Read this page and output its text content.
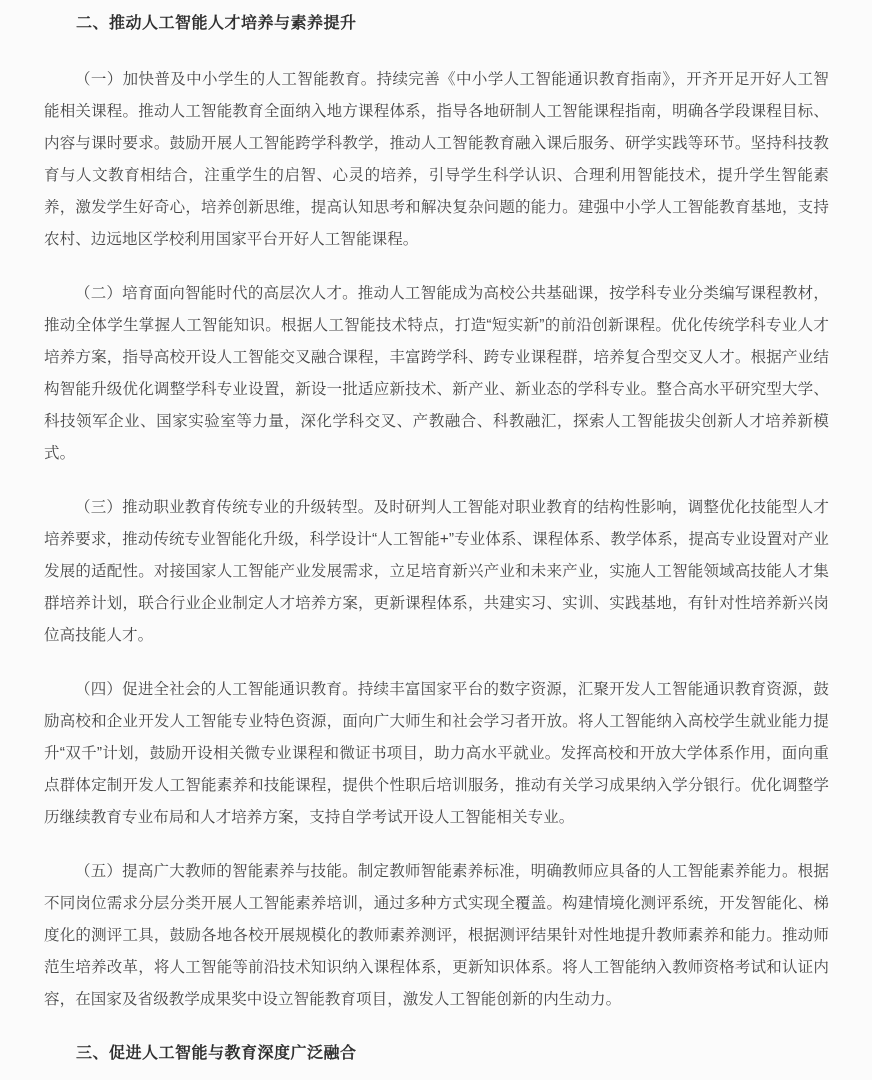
二、推动人工智能人才培养与素养提升

（一）加快普及中小学生的人工智能教育。持续完善《中小学人工智能通识教育指南》，开齐开足开好人工智能相关课程。推动人工智能教育全面纳入地方课程体系，指导各地研制人工智能课程指南，明确各学段课程目标、内容与课时要求。鼓励开展人工智能跨学科教学，推动人工智能教育融入课后服务、研学实践等环节。坚持科技教育与人文教育相结合，注重学生的启智、心灵的培养，引导学生科学认识、合理利用智能技术，提升学生智能素养，激发学生好奇心，培养创新思维，提高认知思考和解决复杂问题的能力。建强中小学人工智能教育基地，支持农村、边远地区学校利用国家平台开好人工智能课程。

（二）培育面向智能时代的高层次人才。推动人工智能成为高校公共基础课，按学科专业分类编写课程教材，推动全体学生掌握人工智能知识。根据人工智能技术特点，打造“短实新”的前沿创新课程。优化传统学科专业人才培养方案，指导高校开设人工智能交叉融合课程，丰富跨学科、跨专业课程群，培养复合型交叉人才。根据产业结构智能升级优化调整学科专业设置，新设一批适应新技术、新产业、新业态的学科专业。整合高水平研究型大学、科技领军企业、国家实验室等力量，深化学科交叉、产教融合、科教融汇，探索人工智能拔尖创新人才培养新模式。

（三）推动职业教育传统专业的升级转型。及时研判人工智能对职业教育的结构性影响，调整优化技能型人才培养要求，推动传统专业智能化升级，科学设计“人工智能+”专业体系、课程体系、教学体系，提高专业设置对产业发展的适配性。对接国家人工智能产业发展需求，立足培育新兴产业和未来产业，实施人工智能领域高技能人才集群培养计划，联合行业企业制定人才培养方案，更新课程体系，共建实习、实训、实践基地，有针对性培养新兴岗位高技能人才。

（四）促进全社会的人工智能通识教育。持续丰富国家平台的数字资源，汇聚开发人工智能通识教育资源，鼓励高校和企业开发人工智能专业特色资源，面向广大师生和社会学习者开放。将人工智能纳入高校学生就业能力提升“双千”计划，鼓励开设相关微专业课程和微证书项目，助力高水平就业。发挥高校和开放大学体系作用，面向重点群体定制开发人工智能素养和技能课程，提供个性职后培训服务，推动有关学习成果纳入学分银行。优化调整学历继续教育专业布局和人才培养方案，支持自学考试开设人工智能相关专业。

（五）提高广大教师的智能素养与技能。制定教师智能素养标准，明确教师应具备的人工智能素养能力。根据不同岗位需求分层分类开展人工智能素养培训，通过多种方式实现全覆盖。构建情境化测评系统，开发智能化、梯度化的测评工具，鼓励各地各校开展规模化的教师素养测评，根据测评结果针对性地提升教师素养和能力。推动师范生培养改革，将人工智能等前沿技术知识纳入课程体系，更新知识体系。将人工智能纳入教师资格考试和认证内容，在国家及省级教学成果奖中设立智能教育项目，激发人工智能创新的内生动力。

三、促进人工智能与教育深度广泛融合
